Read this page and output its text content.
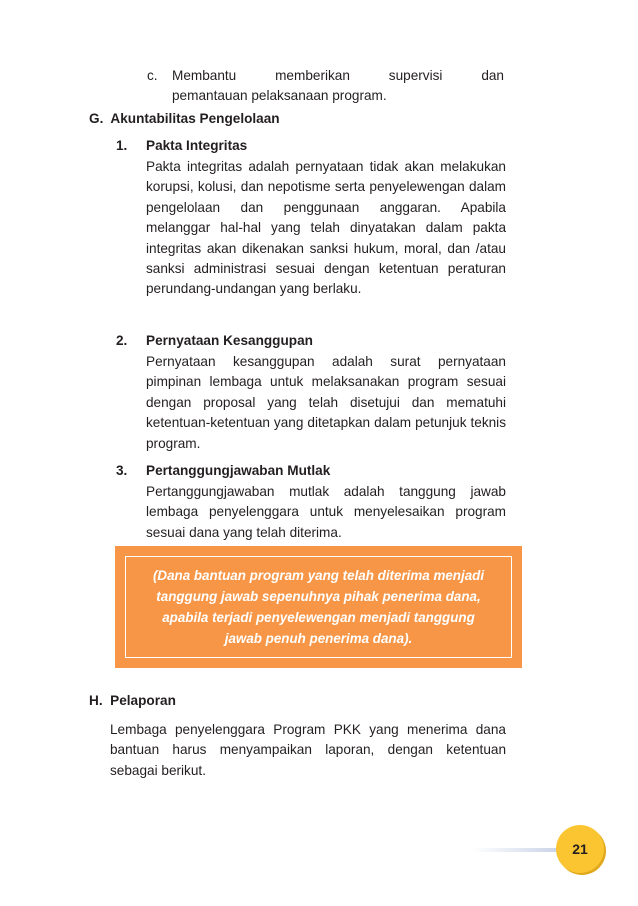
c. Membantu memberikan supervisi dan
pemantauan pelaksanaan program.
G.  Akuntabilitas Pengelolaan
1. Pakta Integritas
Pakta integritas adalah pernyataan tidak akan melakukan korupsi, kolusi, dan nepotisme serta penyelewengan dalam pengelolaan dan penggunaan anggaran. Apabila melanggar hal-hal yang telah dinyatakan dalam pakta integritas akan dikenakan sanksi hukum, moral, dan /atau sanksi administrasi sesuai dengan ketentuan peraturan perundang-undangan yang berlaku.
2. Pernyataan Kesanggupan
Pernyataan kesanggupan adalah surat pernyataan pimpinan lembaga untuk melaksanakan program sesuai dengan proposal yang telah disetujui dan mematuhi ketentuan-ketentuan yang ditetapkan dalam petunjuk teknis program.
3. Pertanggungjawaban Mutlak
Pertanggungjawaban mutlak adalah tanggung jawab lembaga penyelenggara untuk menyelesaikan program sesuai dana yang telah diterima.
(Dana bantuan program yang telah diterima menjadi tanggung jawab sepenuhnya pihak penerima dana, apabila terjadi penyelewengan menjadi tanggung jawab penuh penerima dana).
H.  Pelaporan
Lembaga penyelenggara Program PKK yang menerima dana bantuan harus menyampaikan laporan, dengan ketentuan sebagai berikut.
21
